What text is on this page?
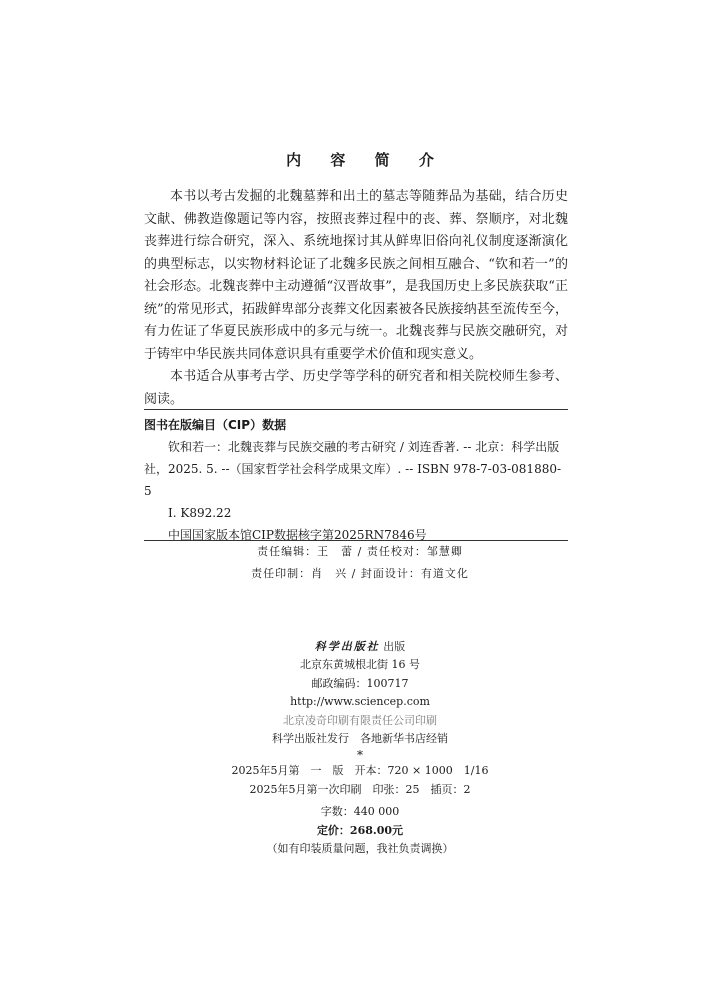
内 容 简 介

本书以考古发掘的北魏墓葬和出土的墓志等随葬品为基础，结合历史文献、佛教造像题记等内容，按照丧葬过程中的丧、葬、祭顺序，对北魏丧葬进行综合研究，深入、系统地探讨其从鲜卑旧俗向礼仪制度逐渐演化的典型标志，以实物材料论证了北魏多民族之间相互融合、“钦和若一”的社会形态。北魏丧葬中主动遵循“汉晋故事”，是我国历史上多民族获取“正统”的常见形式，拓跋鲜卑部分丧葬文化因素被各民族接纳甚至流传至今，有力佐证了华夏民族形成中的多元与统一。北魏丧葬与民族交融研究，对于铸牢中华民族共同体意识具有重要学术价值和现实意义。

本书适合从事考古学、历史学等学科的研究者和相关院校师生参考、阅读。

图书在版编目（CIP）数据

钦和若一：北魏丧葬与民族交融的考古研究 / 刘连香著. -- 北京：科学出版社，2025. 5. --（国家哲学社会科学成果文库）. -- ISBN 978-7-03-081880-5

Ⅰ. K892.22

中国国家版本馆CIP数据核字第2025RN7846号

责任编辑：王　蕾 / 责任校对：邹慧卿
责任印制：肖　兴 / 封面设计：有道文化
科学出版社 出版
北京东黄城根北街 16 号
邮政编码：100717
http://www.sciencep.com
北京凌奇印刷有限责任公司印刷
科学出版社发行　各地新华书店经销
*
2025年5月第　一　版　开本：720 × 1000　1/16
2025年5月第一次印刷　印张：25　插页：2
字数：440 000
定价：268.00元
（如有印装质量问题，我社负责调换）
